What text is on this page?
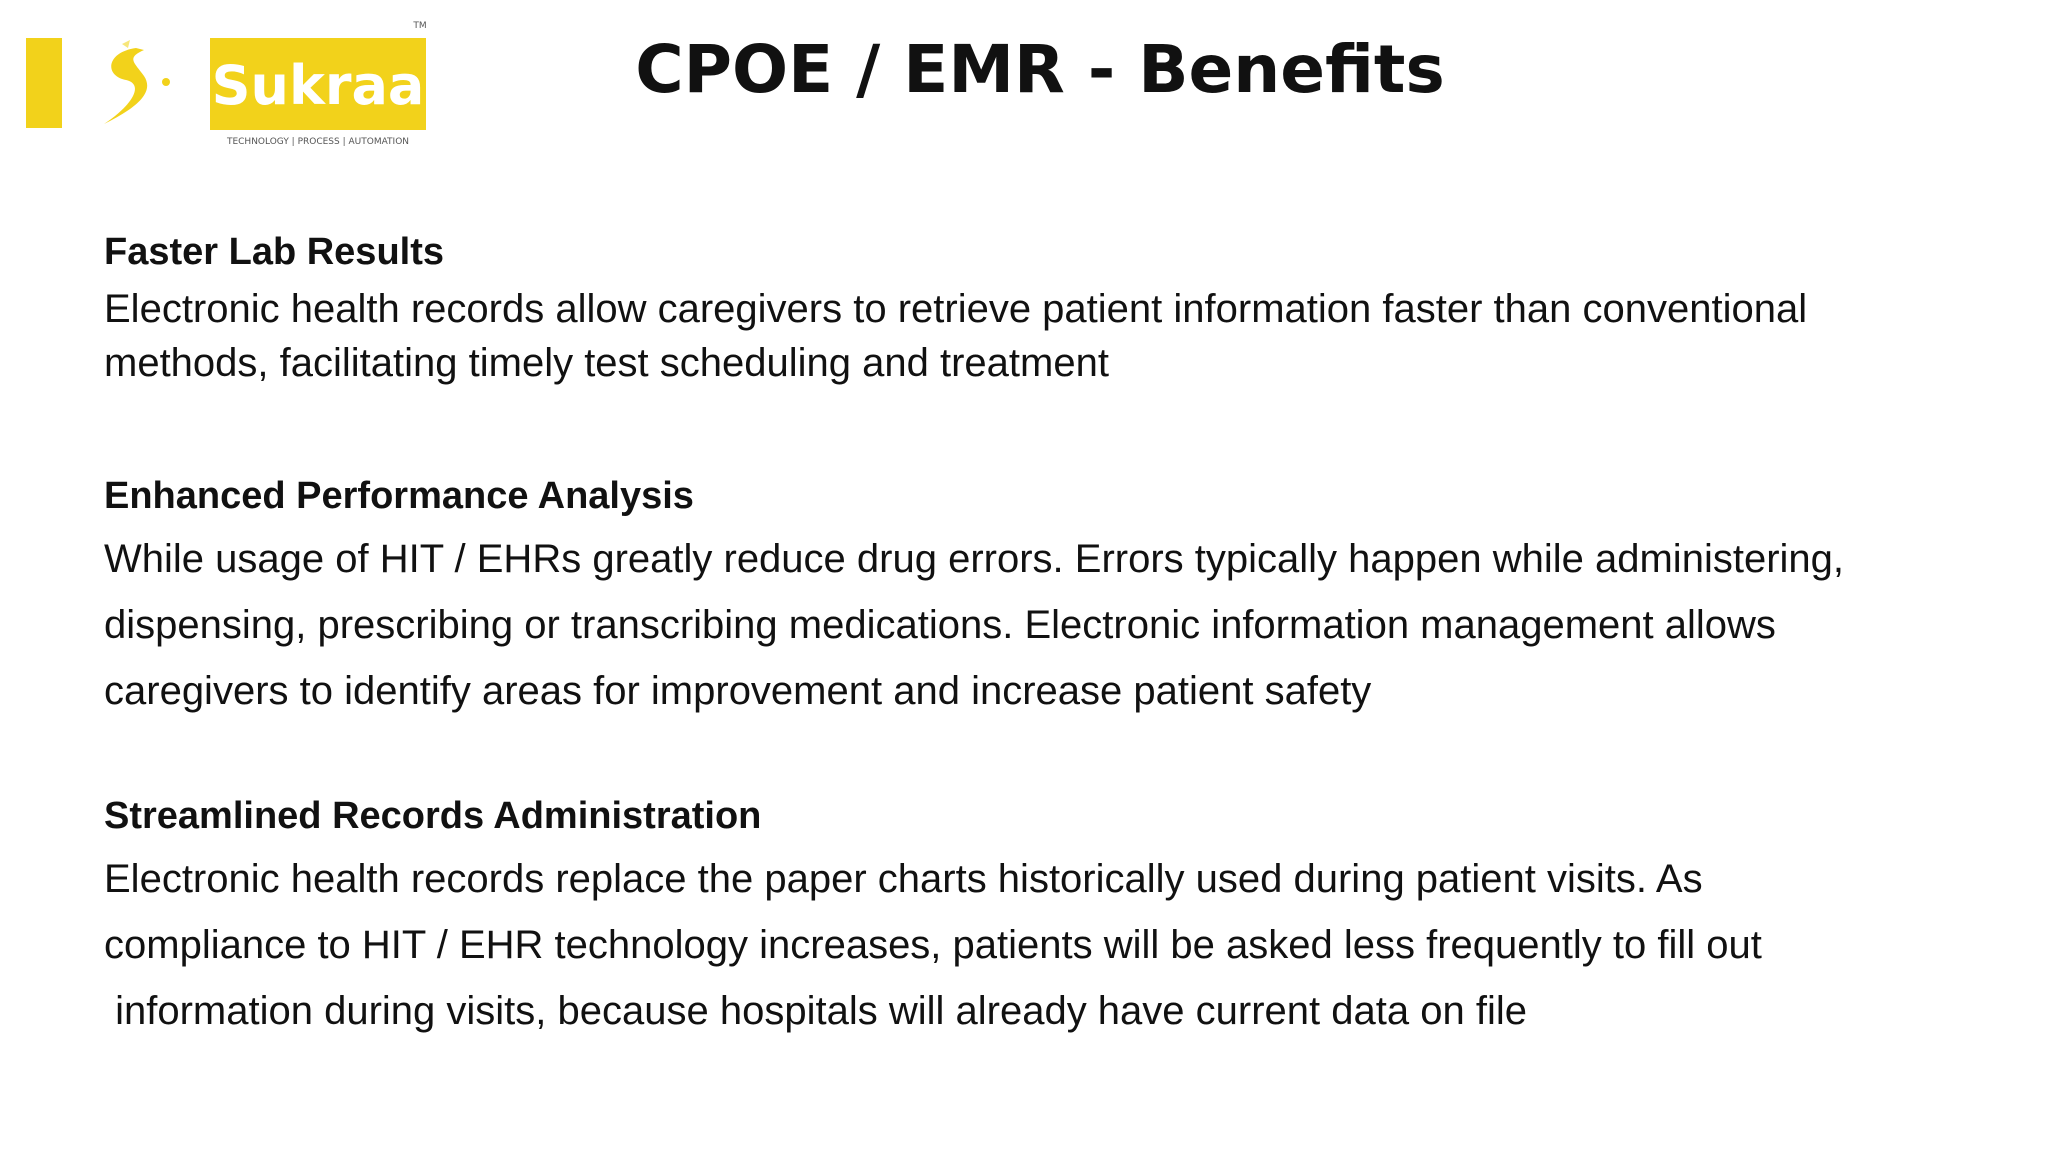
Sukraa
TECHNOLOGY | PROCESS | AUTOMATION
TM
CPOE / EMR - Benefits

Faster Lab Results

Electronic health records allow caregivers to retrieve patient information faster than conventional

methods, facilitating timely test scheduling and treatment

Enhanced Performance Analysis

While usage of HIT / EHRs greatly reduce drug errors. Errors typically happen while administering,

dispensing, prescribing or transcribing medications. Electronic information management allows

caregivers to identify areas for improvement and increase patient safety

Streamlined Records Administration

Electronic health records replace the paper charts historically used during patient visits. As

compliance to HIT / EHR technology increases, patients will be asked less frequently to fill out

information during visits, because hospitals will already have current data on file
